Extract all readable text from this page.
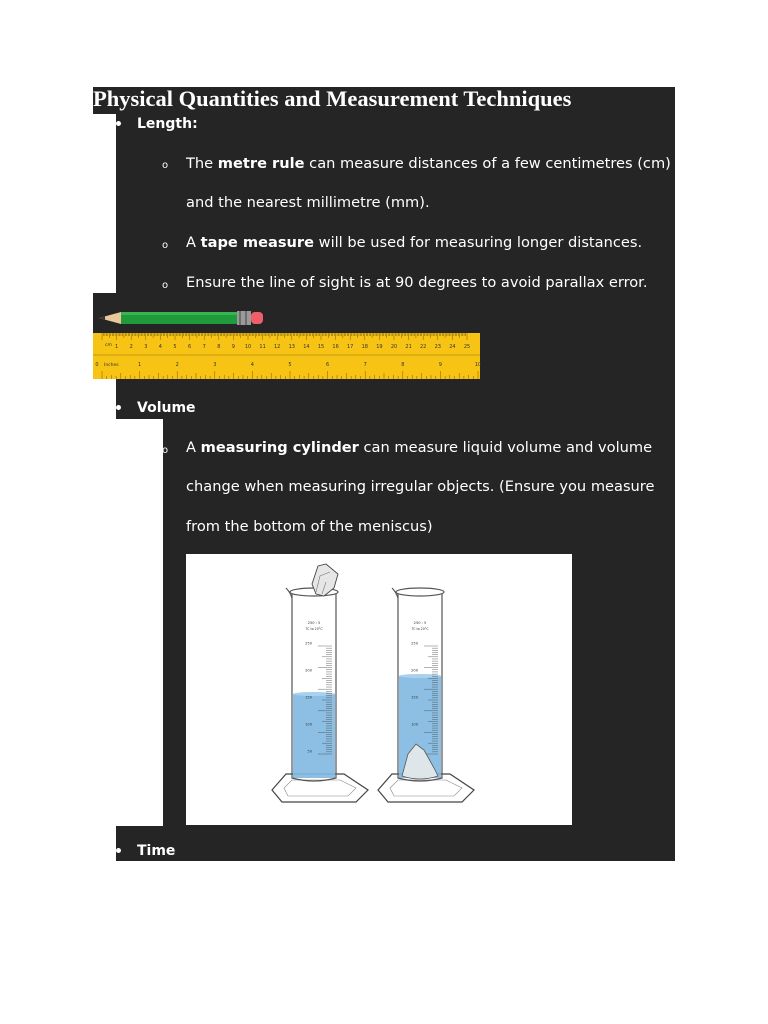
Physical Quantities and Measurement Techniques
Length:
o The metre rule can measure distances of a few centimetres (cm)
and the nearest millimetre (mm).
o A tape measure will be used for measuring longer distances.
o Ensure the line of sight is at 90 degrees to avoid parallax error.
1 2 3 4 5 6 7 8 9 10 11 12 13 14 15 16 17 18 19 20 21 22 23 24 25
0	1	2	3	4	5	6	7	8	9	10
cm
Inches
Volume
o A measuring cylinder can measure liquid volume and volume
change when measuring irregular objects. (Ensure you measure
from the bottom of the meniscus)
250 : 5
TC to 20°C
250
200
150
100
50
250 : 5
TC to 20°C
250
200
150
100
Time
